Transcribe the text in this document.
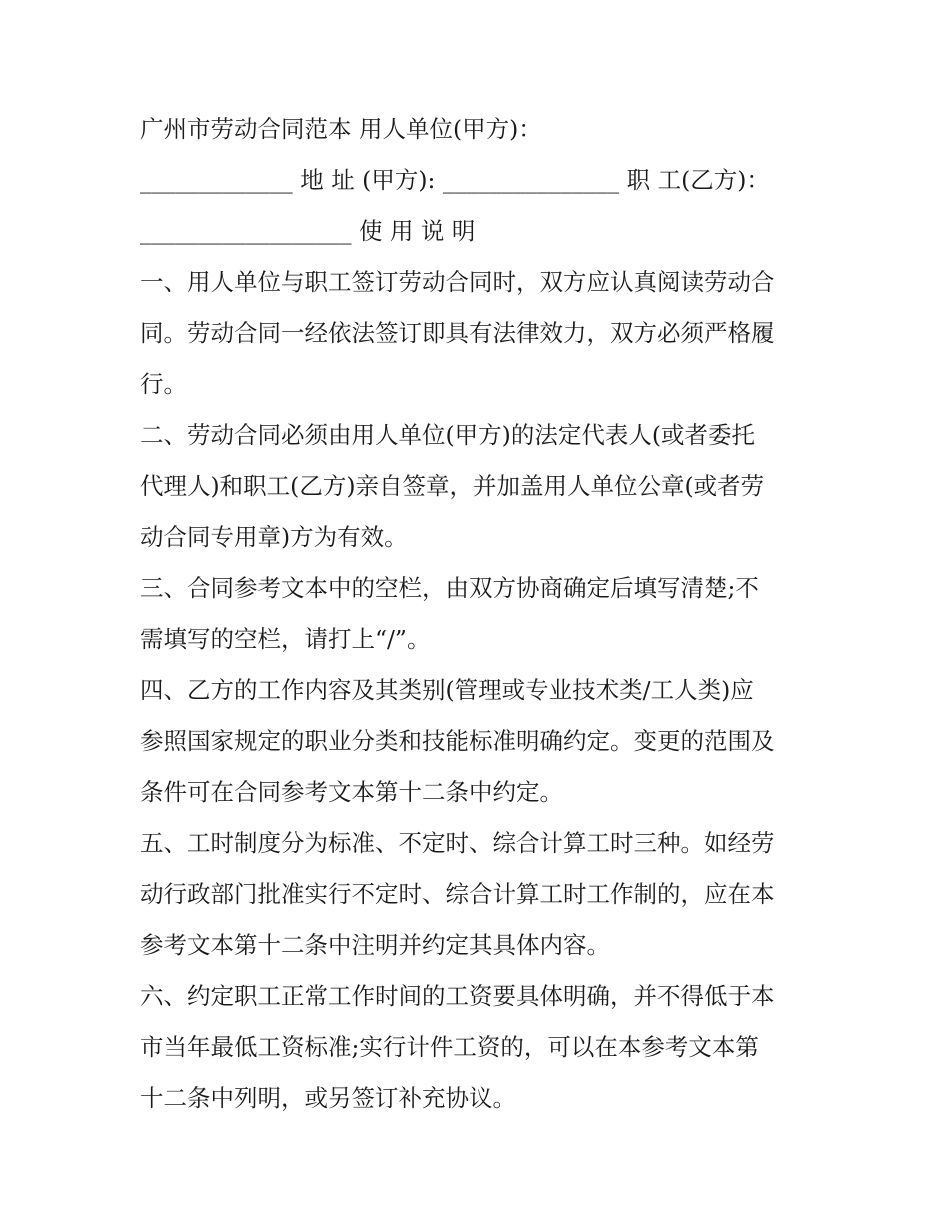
广州市劳动合同范本 用人单位(甲方)：
_____________ 地 址 (甲方): _______________ 职 工(乙方)：
__________________ 使 用 说 明
一、用人单位与职工签订劳动合同时，双方应认真阅读劳动合
同。劳动合同一经依法签订即具有法律效力，双方必须严格履
行。
二、劳动合同必须由用人单位(甲方)的法定代表人(或者委托
代理人)和职工(乙方)亲自签章，并加盖用人单位公章(或者劳
动合同专用章)方为有效。
三、合同参考文本中的空栏，由双方协商确定后填写清楚;不
需填写的空栏，请打上“/”。
四、乙方的工作内容及其类别(管理或专业技术类/工人类)应
参照国家规定的职业分类和技能标准明确约定。变更的范围及
条件可在合同参考文本第十二条中约定。
五、工时制度分为标准、不定时、综合计算工时三种。如经劳
动行政部门批准实行不定时、综合计算工时工作制的，应在本
参考文本第十二条中注明并约定其具体内容。
六、约定职工正常工作时间的工资要具体明确，并不得低于本
市当年最低工资标准;实行计件工资的，可以在本参考文本第
十二条中列明，或另签订补充协议。
